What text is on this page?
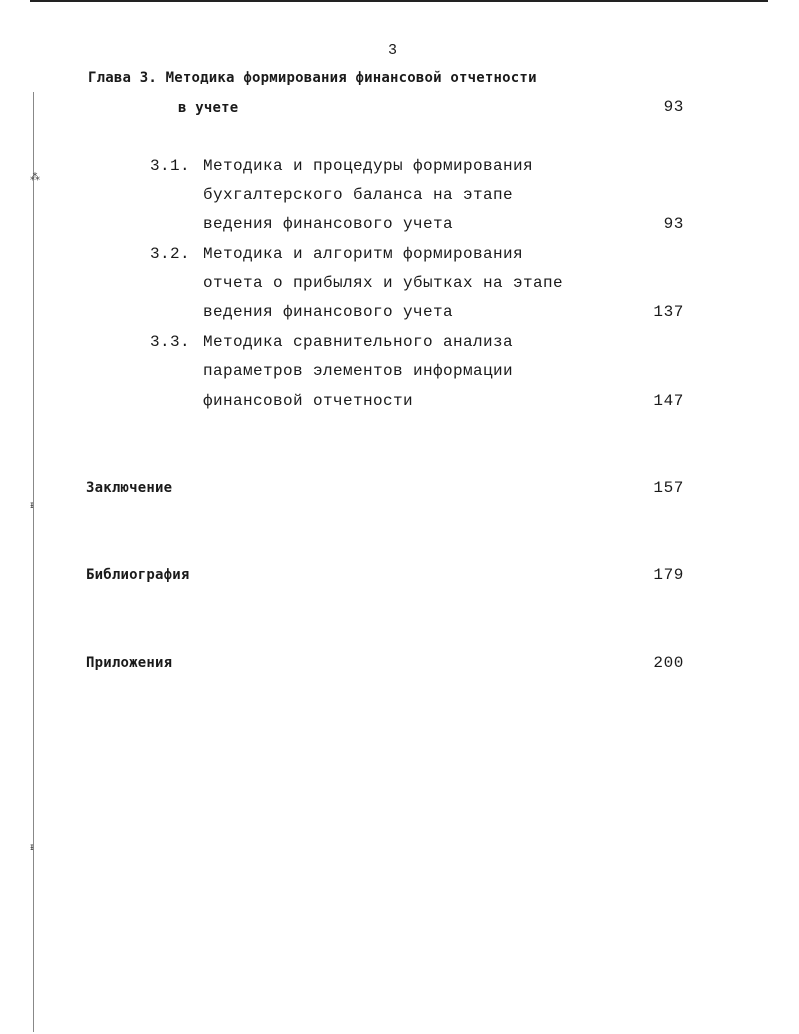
⁂
ᵻ
ᵻ
3
Глава 3. Методика формирования финансовой отчетности
в учете	93
3.1. Методика и процедуры формирования
бухгалтерского баланса на этапе
ведения финансового учета	93
3.2. Методика и алгоритм формирования
отчета о прибылях и убытках на этапе
ведения финансового учета	137
3.3. Методика сравнительного анализа
параметров элементов информации
финансовой отчетности	147
Заключение	157
Библиография	179
Приложения	200
